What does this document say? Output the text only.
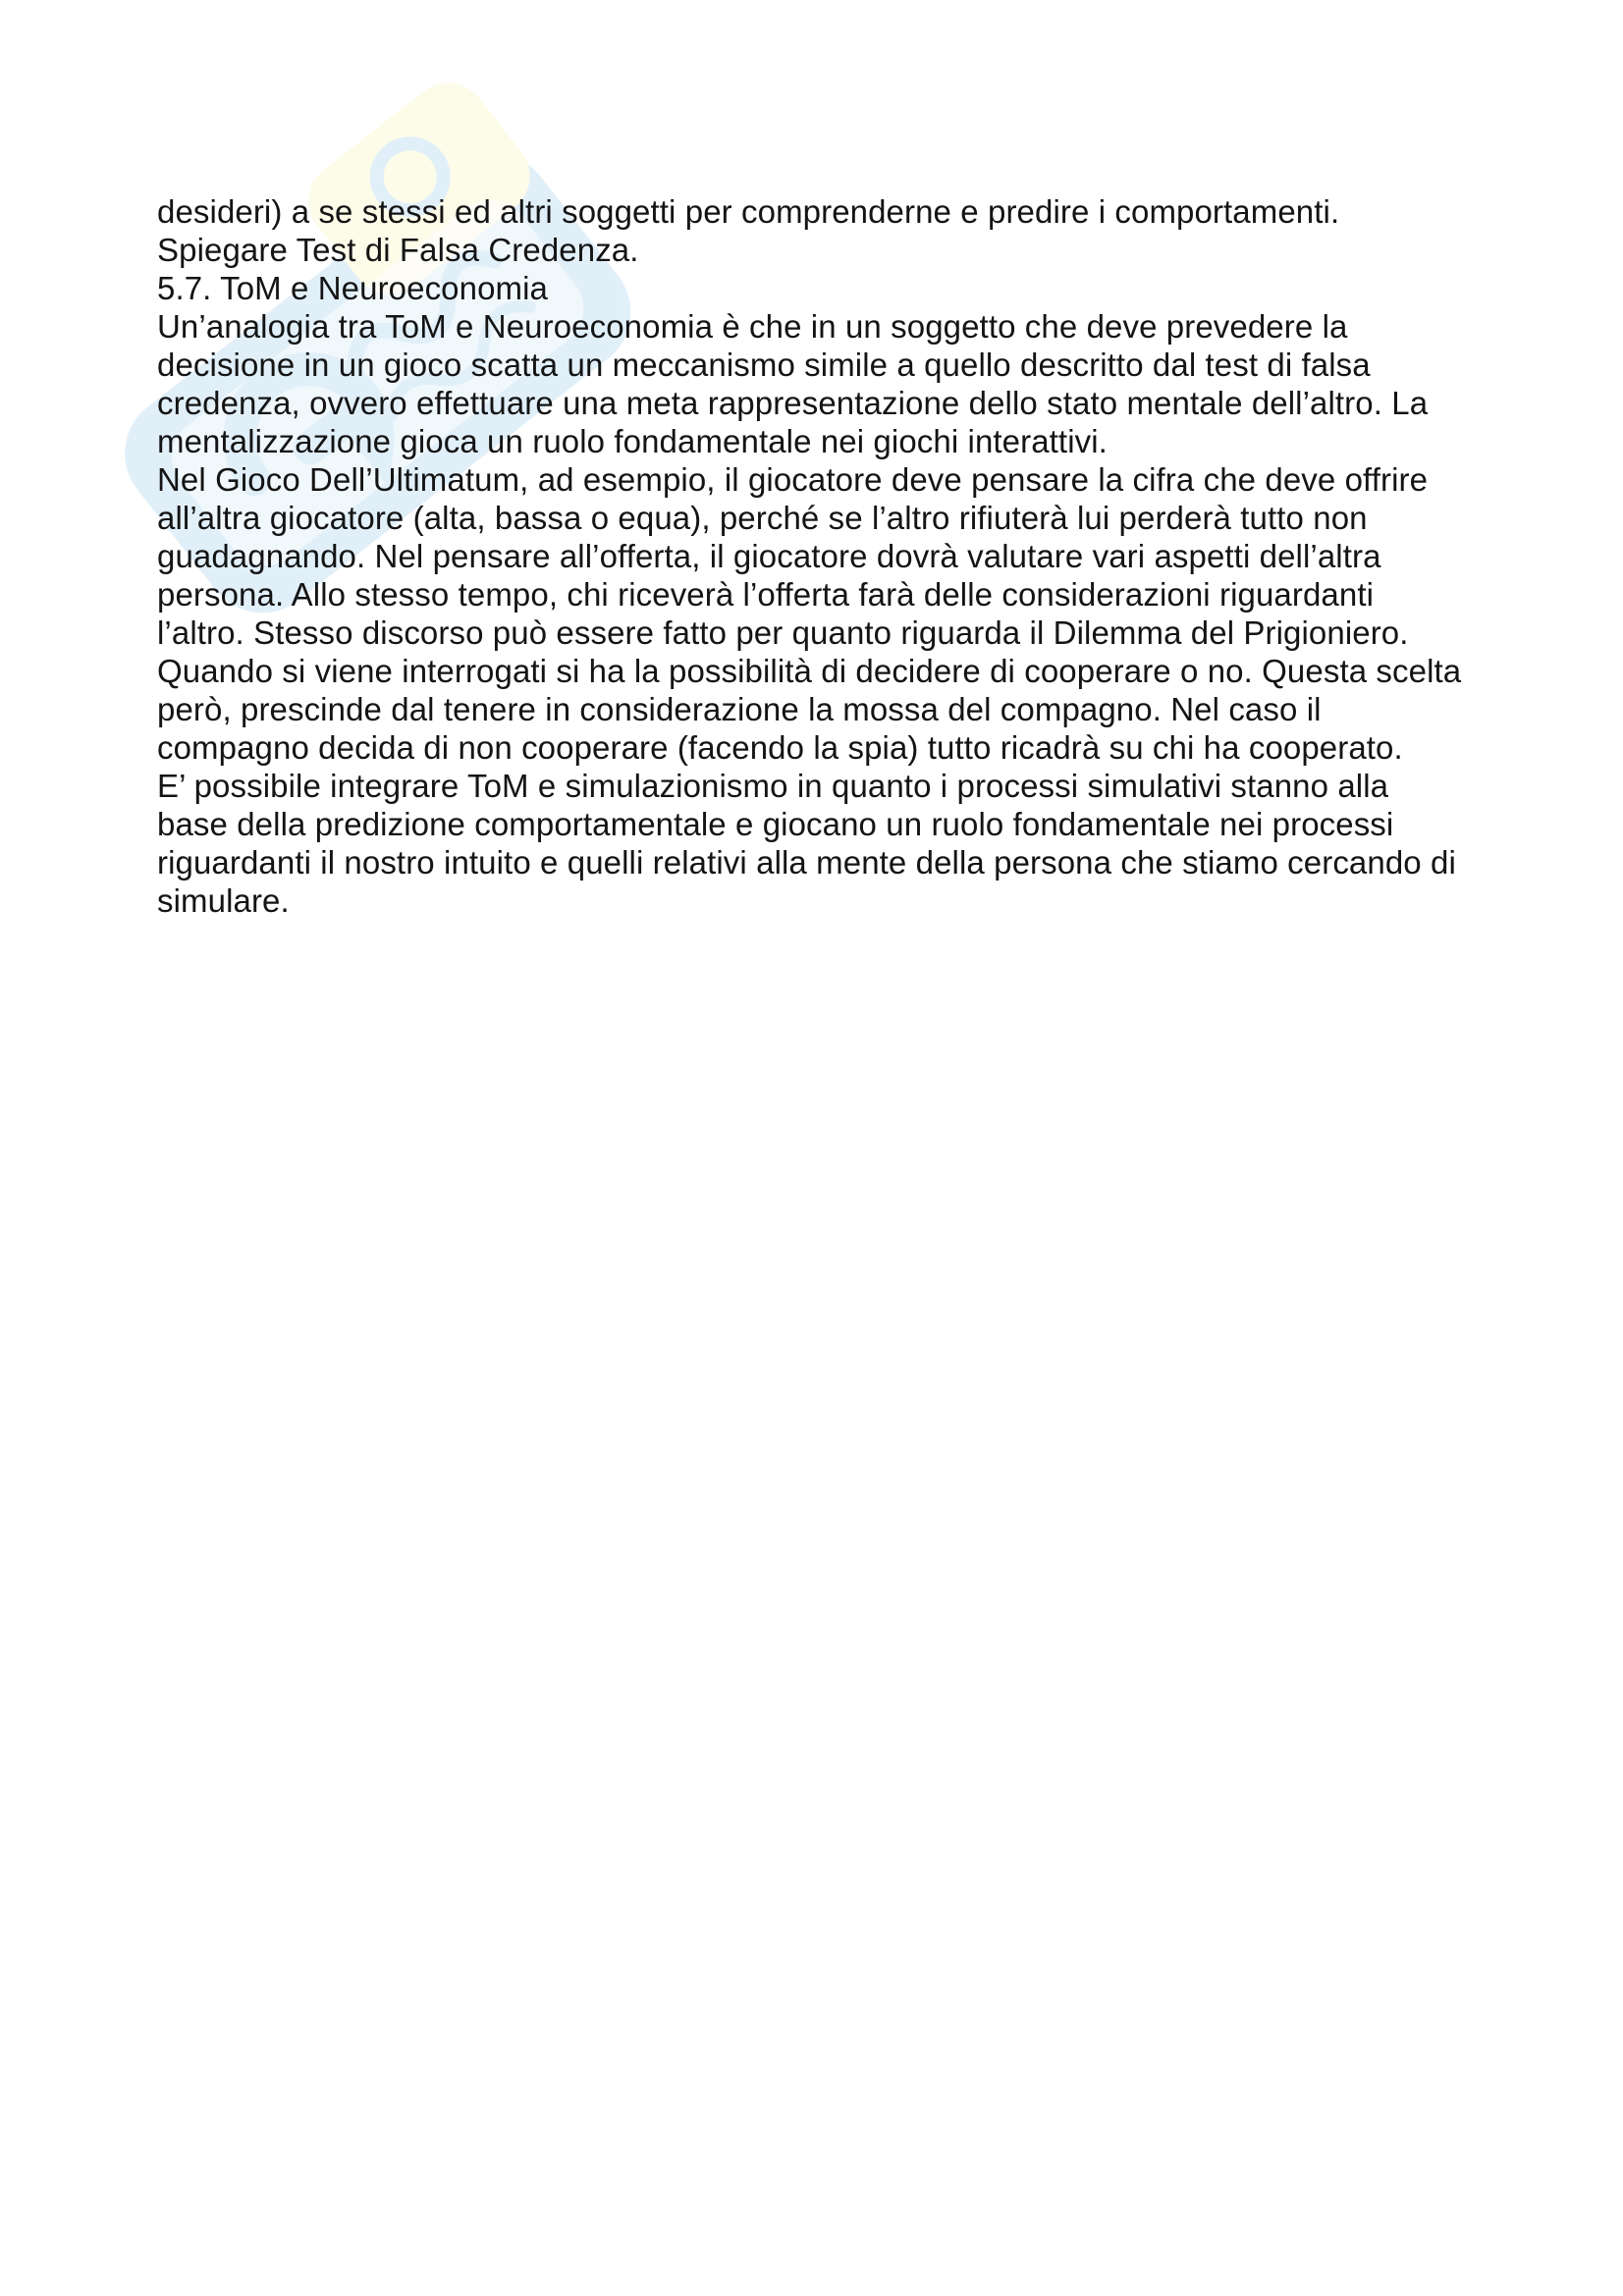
desideri) a se stessi ed altri soggetti per comprenderne e predire i comportamenti.
Spiegare Test di Falsa Credenza.
5.7. ToM e Neuroeconomia
Un’analogia tra ToM e Neuroeconomia è che in un soggetto che deve prevedere la
decisione in un gioco scatta un meccanismo simile a quello descritto dal test di falsa
credenza, ovvero effettuare una meta rappresentazione dello stato mentale dell’altro. La
mentalizzazione gioca un ruolo fondamentale nei giochi interattivi.
Nel Gioco Dell’Ultimatum, ad esempio, il giocatore deve pensare la cifra che deve offrire
all’altra giocatore (alta, bassa o equa), perché se l’altro rifiuterà lui perderà tutto non
guadagnando. Nel pensare all’offerta, il giocatore dovrà valutare vari aspetti dell’altra
persona. Allo stesso tempo, chi riceverà l’offerta farà delle considerazioni riguardanti
l’altro. Stesso discorso può essere fatto per quanto riguarda il Dilemma del Prigioniero.
Quando si viene interrogati si ha la possibilità di decidere di cooperare o no. Questa scelta
però, prescinde dal tenere in considerazione la mossa del compagno. Nel caso il
compagno decida di non cooperare (facendo la spia) tutto ricadrà su chi ha cooperato.
E’ possibile integrare ToM e simulazionismo in quanto i processi simulativi stanno alla
base della predizione comportamentale e giocano un ruolo fondamentale nei processi
riguardanti il nostro intuito e quelli relativi alla mente della persona che stiamo cercando di
simulare.
